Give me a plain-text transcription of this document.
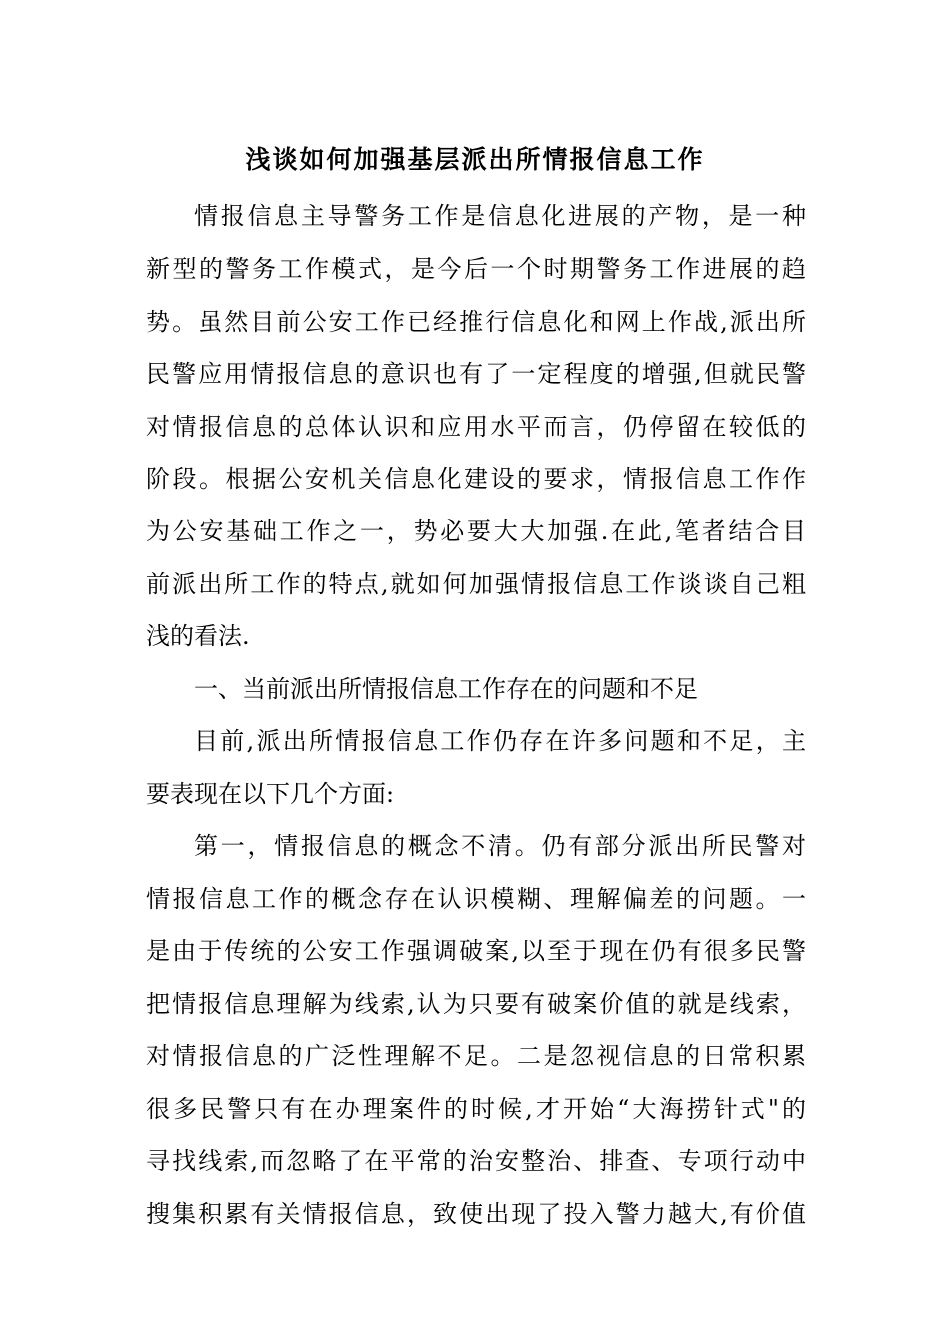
浅谈如何加强基层派出所情报信息工作
情报信息主导警务工作是信息化进展的产物，是一种
新型的警务工作模式，是今后一个时期警务工作进展的趋
势。虽然目前公安工作已经推行信息化和网上作战,派出所
民警应用情报信息的意识也有了一定程度的增强,但就民警
对情报信息的总体认识和应用水平而言，仍停留在较低的
阶段。根据公安机关信息化建设的要求，情报信息工作作
为公安基础工作之一，势必要大大加强.在此,笔者结合目
前派出所工作的特点,就如何加强情报信息工作谈谈自己粗
浅的看法.
一、当前派出所情报信息工作存在的问题和不足
目前,派出所情报信息工作仍存在许多问题和不足，主
要表现在以下几个方面:
第一，情报信息的概念不清。仍有部分派出所民警对
情报信息工作的概念存在认识模糊、理解偏差的问题。一
是由于传统的公安工作强调破案,以至于现在仍有很多民警
把情报信息理解为线索,认为只要有破案价值的就是线索，
对情报信息的广泛性理解不足。二是忽视信息的日常积累
很多民警只有在办理案件的时候,才开始“大海捞针式"的
寻找线索,而忽略了在平常的治安整治、排查、专项行动中
搜集积累有关情报信息，致使出现了投入警力越大,有价值
